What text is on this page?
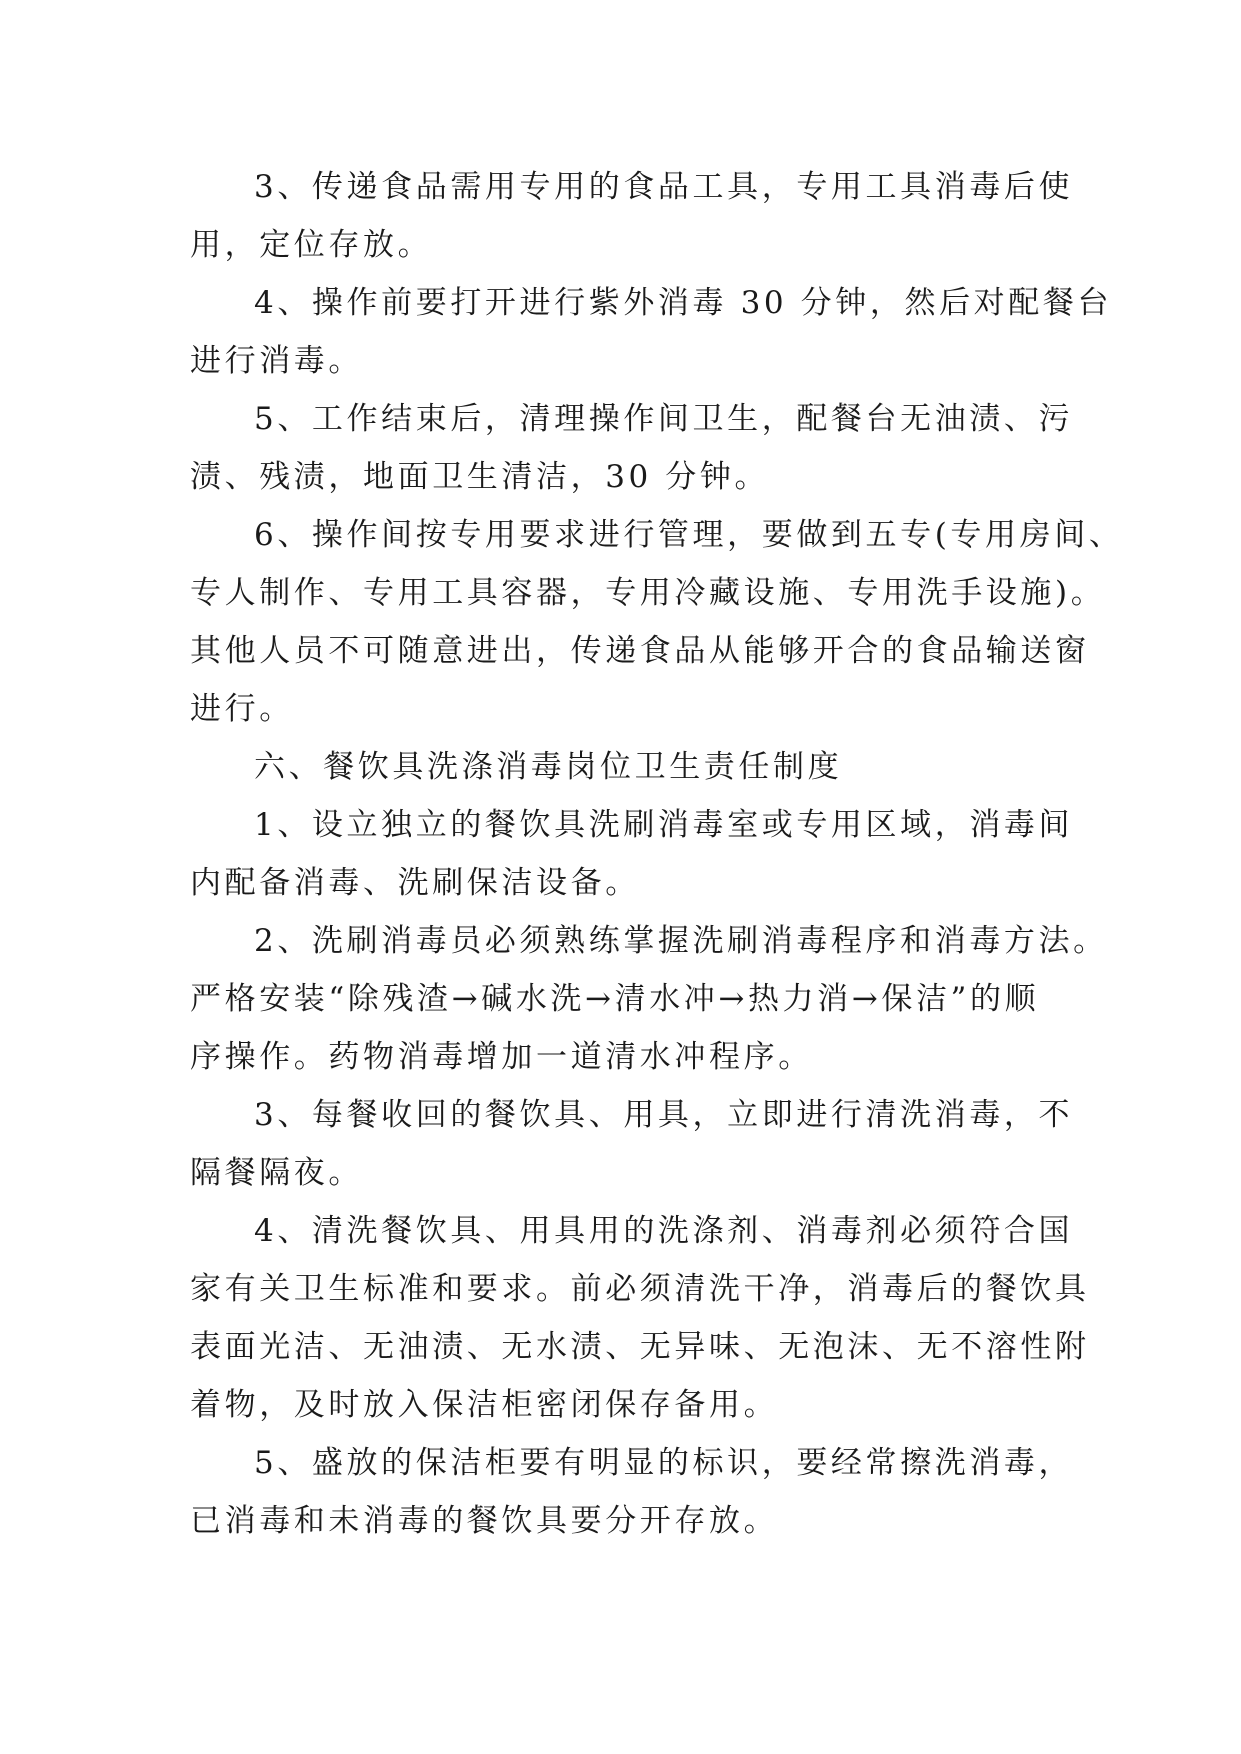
3、传递食品需用专用的食品工具，专用工具消毒后使
用，定位存放。

4、操作前要打开进行紫外消毒 30 分钟，然后对配餐台
进行消毒。

5、工作结束后，清理操作间卫生，配餐台无油渍、污
渍、残渍，地面卫生清洁，30 分钟。

6、操作间按专用要求进行管理，要做到五专(专用房间、
专人制作、专用工具容器，专用冷藏设施、专用洗手设施)。
其他人员不可随意进出，传递食品从能够开合的食品输送窗
进行。

六、餐饮具洗涤消毒岗位卫生责任制度

1、设立独立的餐饮具洗刷消毒室或专用区域，消毒间
内配备消毒、洗刷保洁设备。

2、洗刷消毒员必须熟练掌握洗刷消毒程序和消毒方法。
严格安装“除残渣→碱水洗→清水冲→热力消→保洁”的顺
序操作。药物消毒增加一道清水冲程序。

3、每餐收回的餐饮具、用具，立即进行清洗消毒，不
隔餐隔夜。

4、清洗餐饮具、用具用的洗涤剂、消毒剂必须符合国
家有关卫生标准和要求。前必须清洗干净，消毒后的餐饮具
表面光洁、无油渍、无水渍、无异味、无泡沫、无不溶性附
着物，及时放入保洁柜密闭保存备用。

5、盛放的保洁柜要有明显的标识，要经常擦洗消毒，
已消毒和未消毒的餐饮具要分开存放。
